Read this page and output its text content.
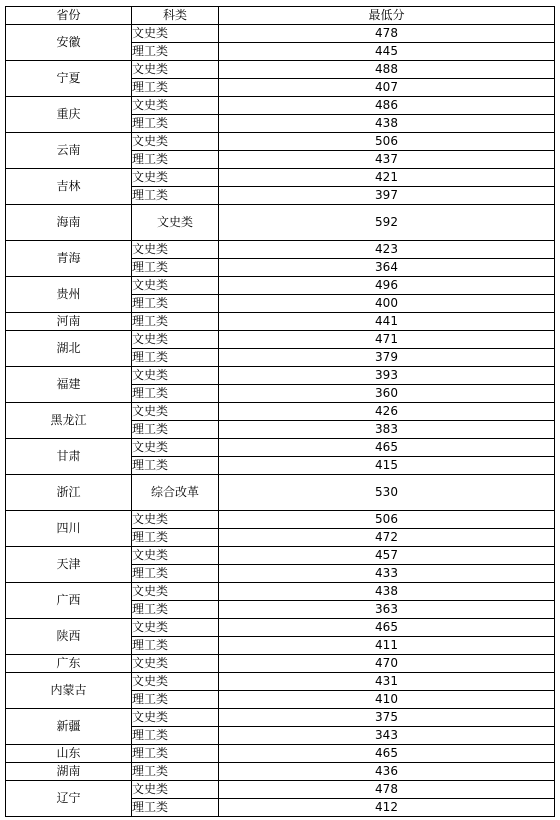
省份	科类	最低分
安徽	文史类	478
	理工类	445
宁夏	文史类	488
	理工类	407
重庆	文史类	486
	理工类	438
云南	文史类	506
	理工类	437
吉林	文史类	421
	理工类	397
海南	文史类	592
青海	文史类	423
	理工类	364
贵州	文史类	496
	理工类	400
河南	理工类	441
湖北	文史类	471
	理工类	379
福建	文史类	393
	理工类	360
黑龙江	文史类	426
	理工类	383
甘肃	文史类	465
	理工类	415
浙江	综合改革	530
四川	文史类	506
	理工类	472
天津	文史类	457
	理工类	433
广西	文史类	438
	理工类	363
陕西	文史类	465
	理工类	411
广东	文史类	470
内蒙古	文史类	431
	理工类	410
新疆	文史类	375
	理工类	343
山东	理工类	465
湖南	理工类	436
辽宁	文史类	478
	理工类	412
